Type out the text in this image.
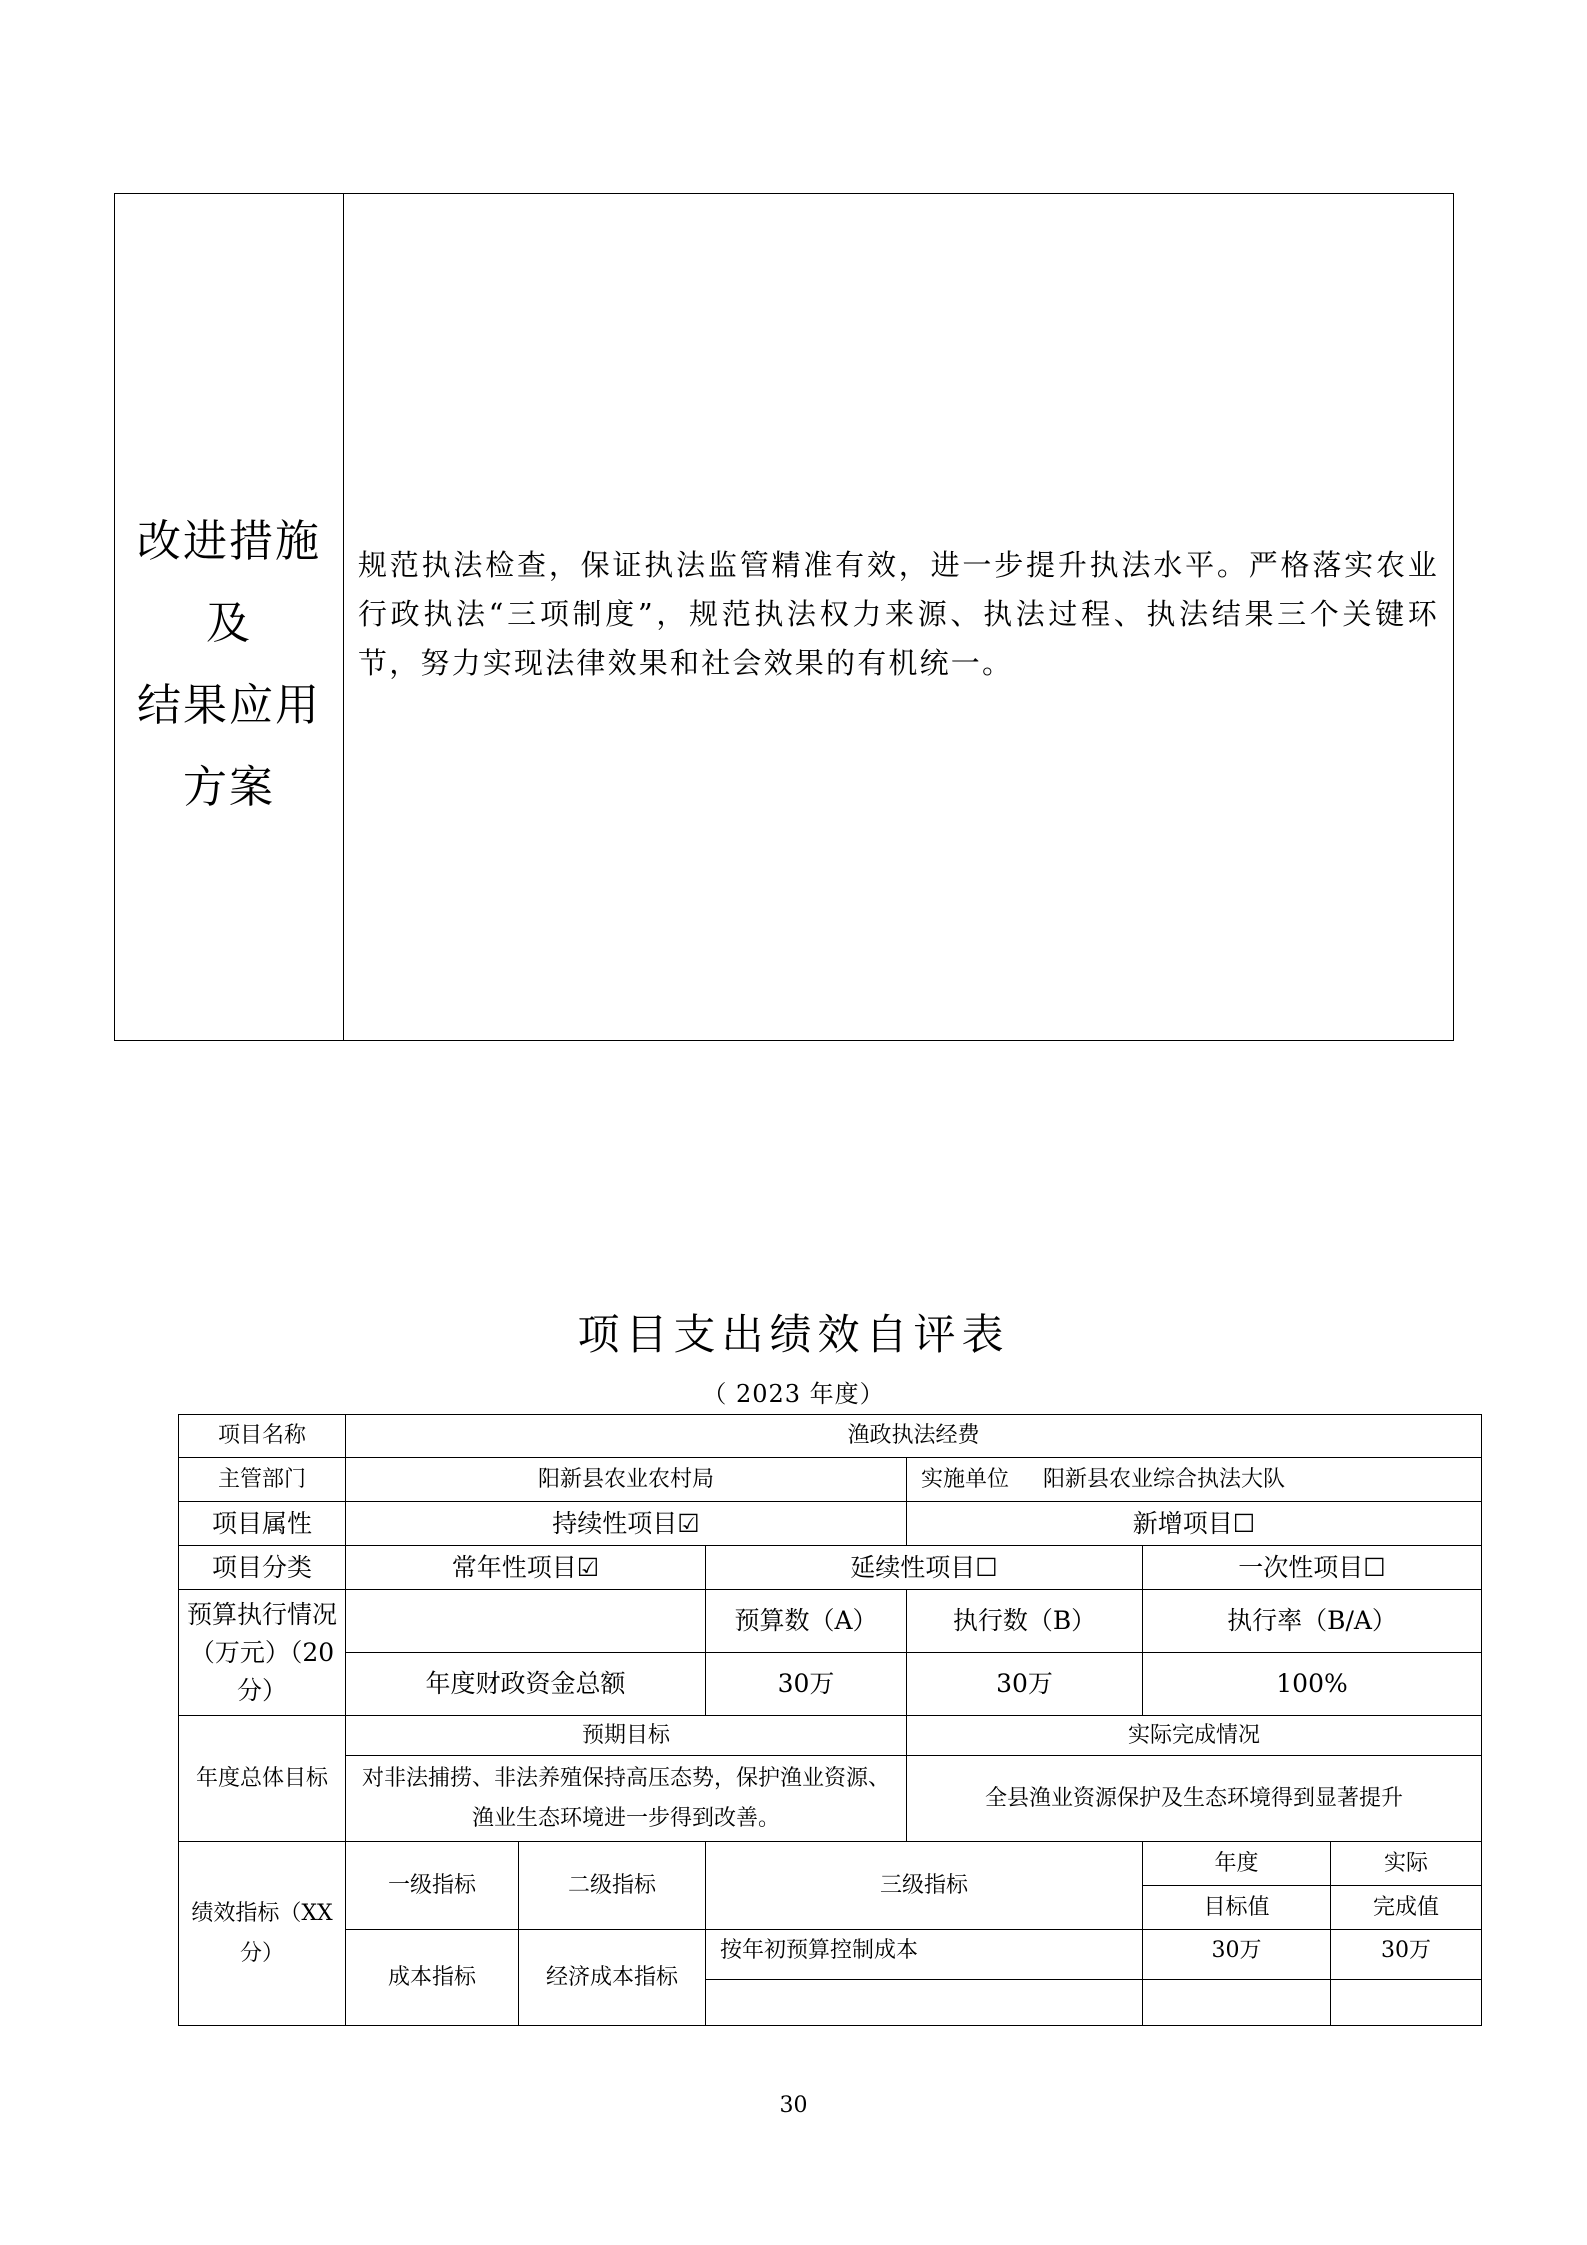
改进措施
及
结果应用
方案

规范执法检查，保证执法监管精准有效，进一步提升执法水平。严格落实农业行政执法“三项制度”，规范执法权力来源、执法过程、执法结果三个关键环节，努力实现法律效果和社会效果的有机统一。

项目支出绩效自评表
（ 2023 年度）
项目名称	渔政执法经费					
主管部门	阳新县农业农村局			实施单位 阳新县农业综合执法大队		
项目属性	持续性项目☑			新增项目☐		
项目分类	常年性项目☑		延续性项目☐		一次性项目☐	
预算执行情况（万元）（20分）			预算数（A）	执行数（B）	执行率（B/A）	
	年度财政资金总额		30万	30万	100%	
年度总体目标	预期目标			实际完成情况		
	对非法捕捞、非法养殖保持高压态势，保护渔业资源、渔业生态环境进一步得到改善。			全县渔业资源保护及生态环境得到显著提升		
绩效指标（XX分）	一级指标	二级指标	三级指标		年度	实际
					目标值	完成值
	成本指标	经济成本指标	按年初预算控制成本		30万	30万

30
